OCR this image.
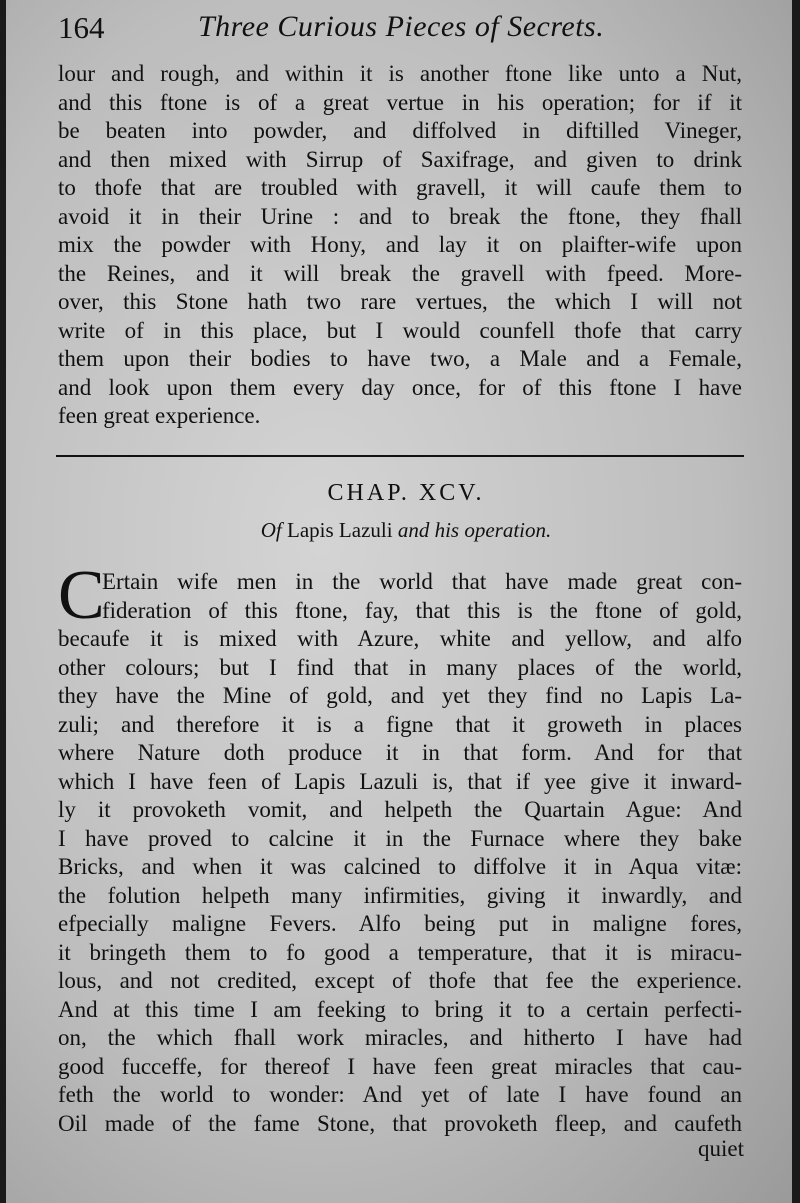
164	Three Curious Pieces of Secrets.
lour and rough, and within it is another ftone like unto a Nut,
and this ftone is of a great vertue in his operation; for if it
be beaten into powder, and diffolved in diftilled Vineger,
and then mixed with Sirrup of Saxifrage, and given to drink
to thofe that are troubled with gravell, it will caufe them to
avoid it in their Urine : and to break the ftone, they fhall
mix the powder with Hony, and lay it on plaifter-wife upon
the Reines, and it will break the gravell with fpeed. More-
over, this Stone hath two rare vertues, the which I will not
write of in this place, but I would counfell thofe that carry
them upon their bodies to have two, a Male and a Female,
and look upon them every day once, for of this ftone I have
feen great experience.
CHAP. XCV.
Of Lapis Lazuli and his operation.
C
Ertain wife men in the world that have made great con-
fideration of this ftone, fay, that this is the ftone of gold,
becaufe it is mixed with Azure, white and yellow, and alfo
other colours; but I find that in many places of the world,
they have the Mine of gold, and yet they find no Lapis La-
zuli; and therefore it is a figne that it groweth in places
where Nature doth produce it in that form. And for that
which I have feen of Lapis Lazuli is, that if yee give it inward-
ly it provoketh vomit, and helpeth the Quartain Ague: And
I have proved to calcine it in the Furnace where they bake
Bricks, and when it was calcined to diffolve it in Aqua vitæ:
the folution helpeth many infirmities, giving it inwardly, and
efpecially maligne Fevers. Alfo being put in maligne fores,
it bringeth them to fo good a temperature, that it is miracu-
lous, and not credited, except of thofe that fee the experience.
And at this time I am feeking to bring it to a certain perfecti-
on, the which fhall work miracles, and hitherto I have had
good fucceffe, for thereof I have feen great miracles that cau-
feth the world to wonder: And yet of late I have found an
Oil made of the fame Stone, that provoketh fleep, and caufeth
quiet
